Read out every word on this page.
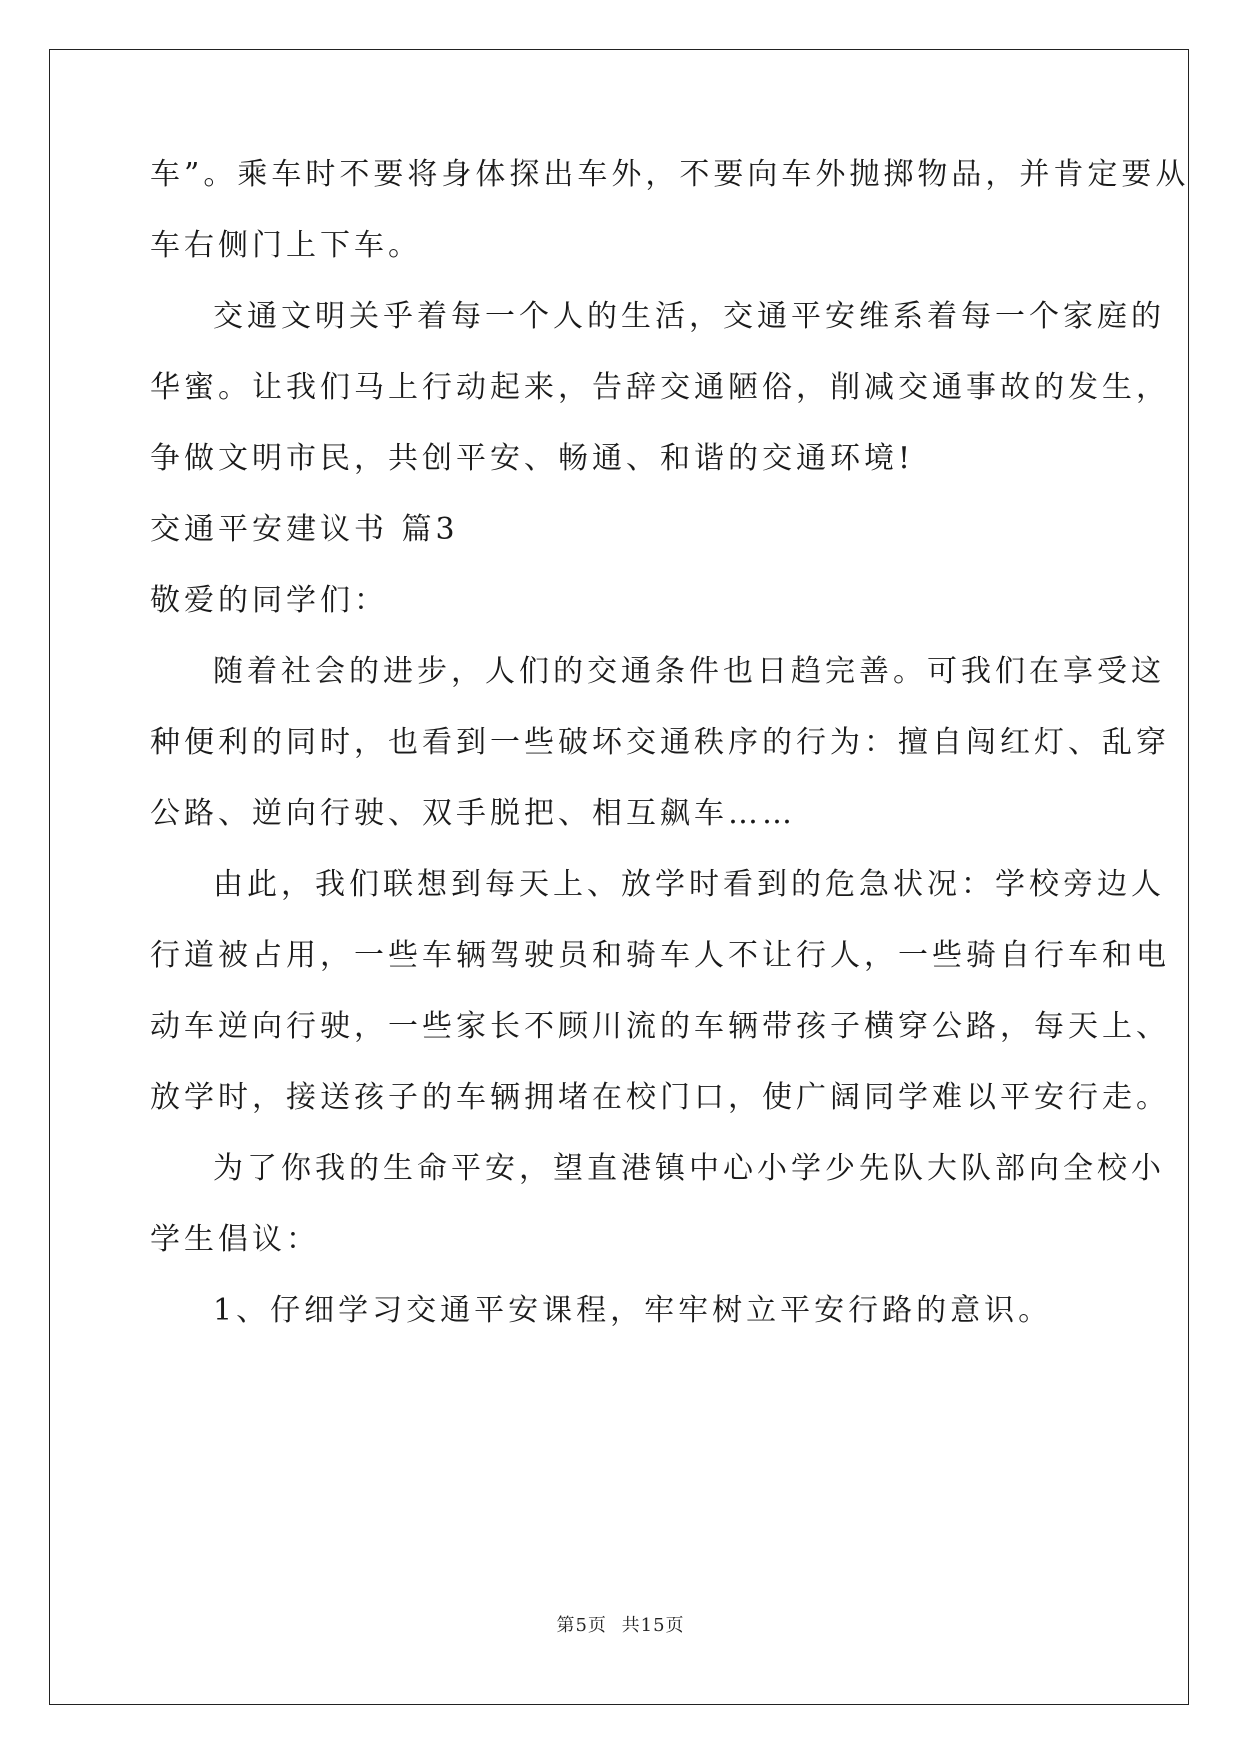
车”。乘车时不要将身体探出车外，不要向车外抛掷物品，并肯定要从
车右侧门上下车。
交通文明关乎着每一个人的生活，交通平安维系着每一个家庭的
华蜜。让我们马上行动起来，告辞交通陋俗，削减交通事故的发生，
争做文明市民，共创平安、畅通、和谐的交通环境!
交通平安建议书 篇3
敬爱的同学们：
随着社会的进步，人们的交通条件也日趋完善。可我们在享受这
种便利的同时，也看到一些破坏交通秩序的行为：擅自闯红灯、乱穿
公路、逆向行驶、双手脱把、相互飙车……
由此，我们联想到每天上、放学时看到的危急状况：学校旁边人
行道被占用，一些车辆驾驶员和骑车人不让行人，一些骑自行车和电
动车逆向行驶，一些家长不顾川流的车辆带孩子横穿公路，每天上、
放学时，接送孩子的车辆拥堵在校门口，使广阔同学难以平安行走。
为了你我的生命平安，望直港镇中心小学少先队大队部向全校小
学生倡议：
1、仔细学习交通平安课程，牢牢树立平安行路的意识。
第5页 共15页
